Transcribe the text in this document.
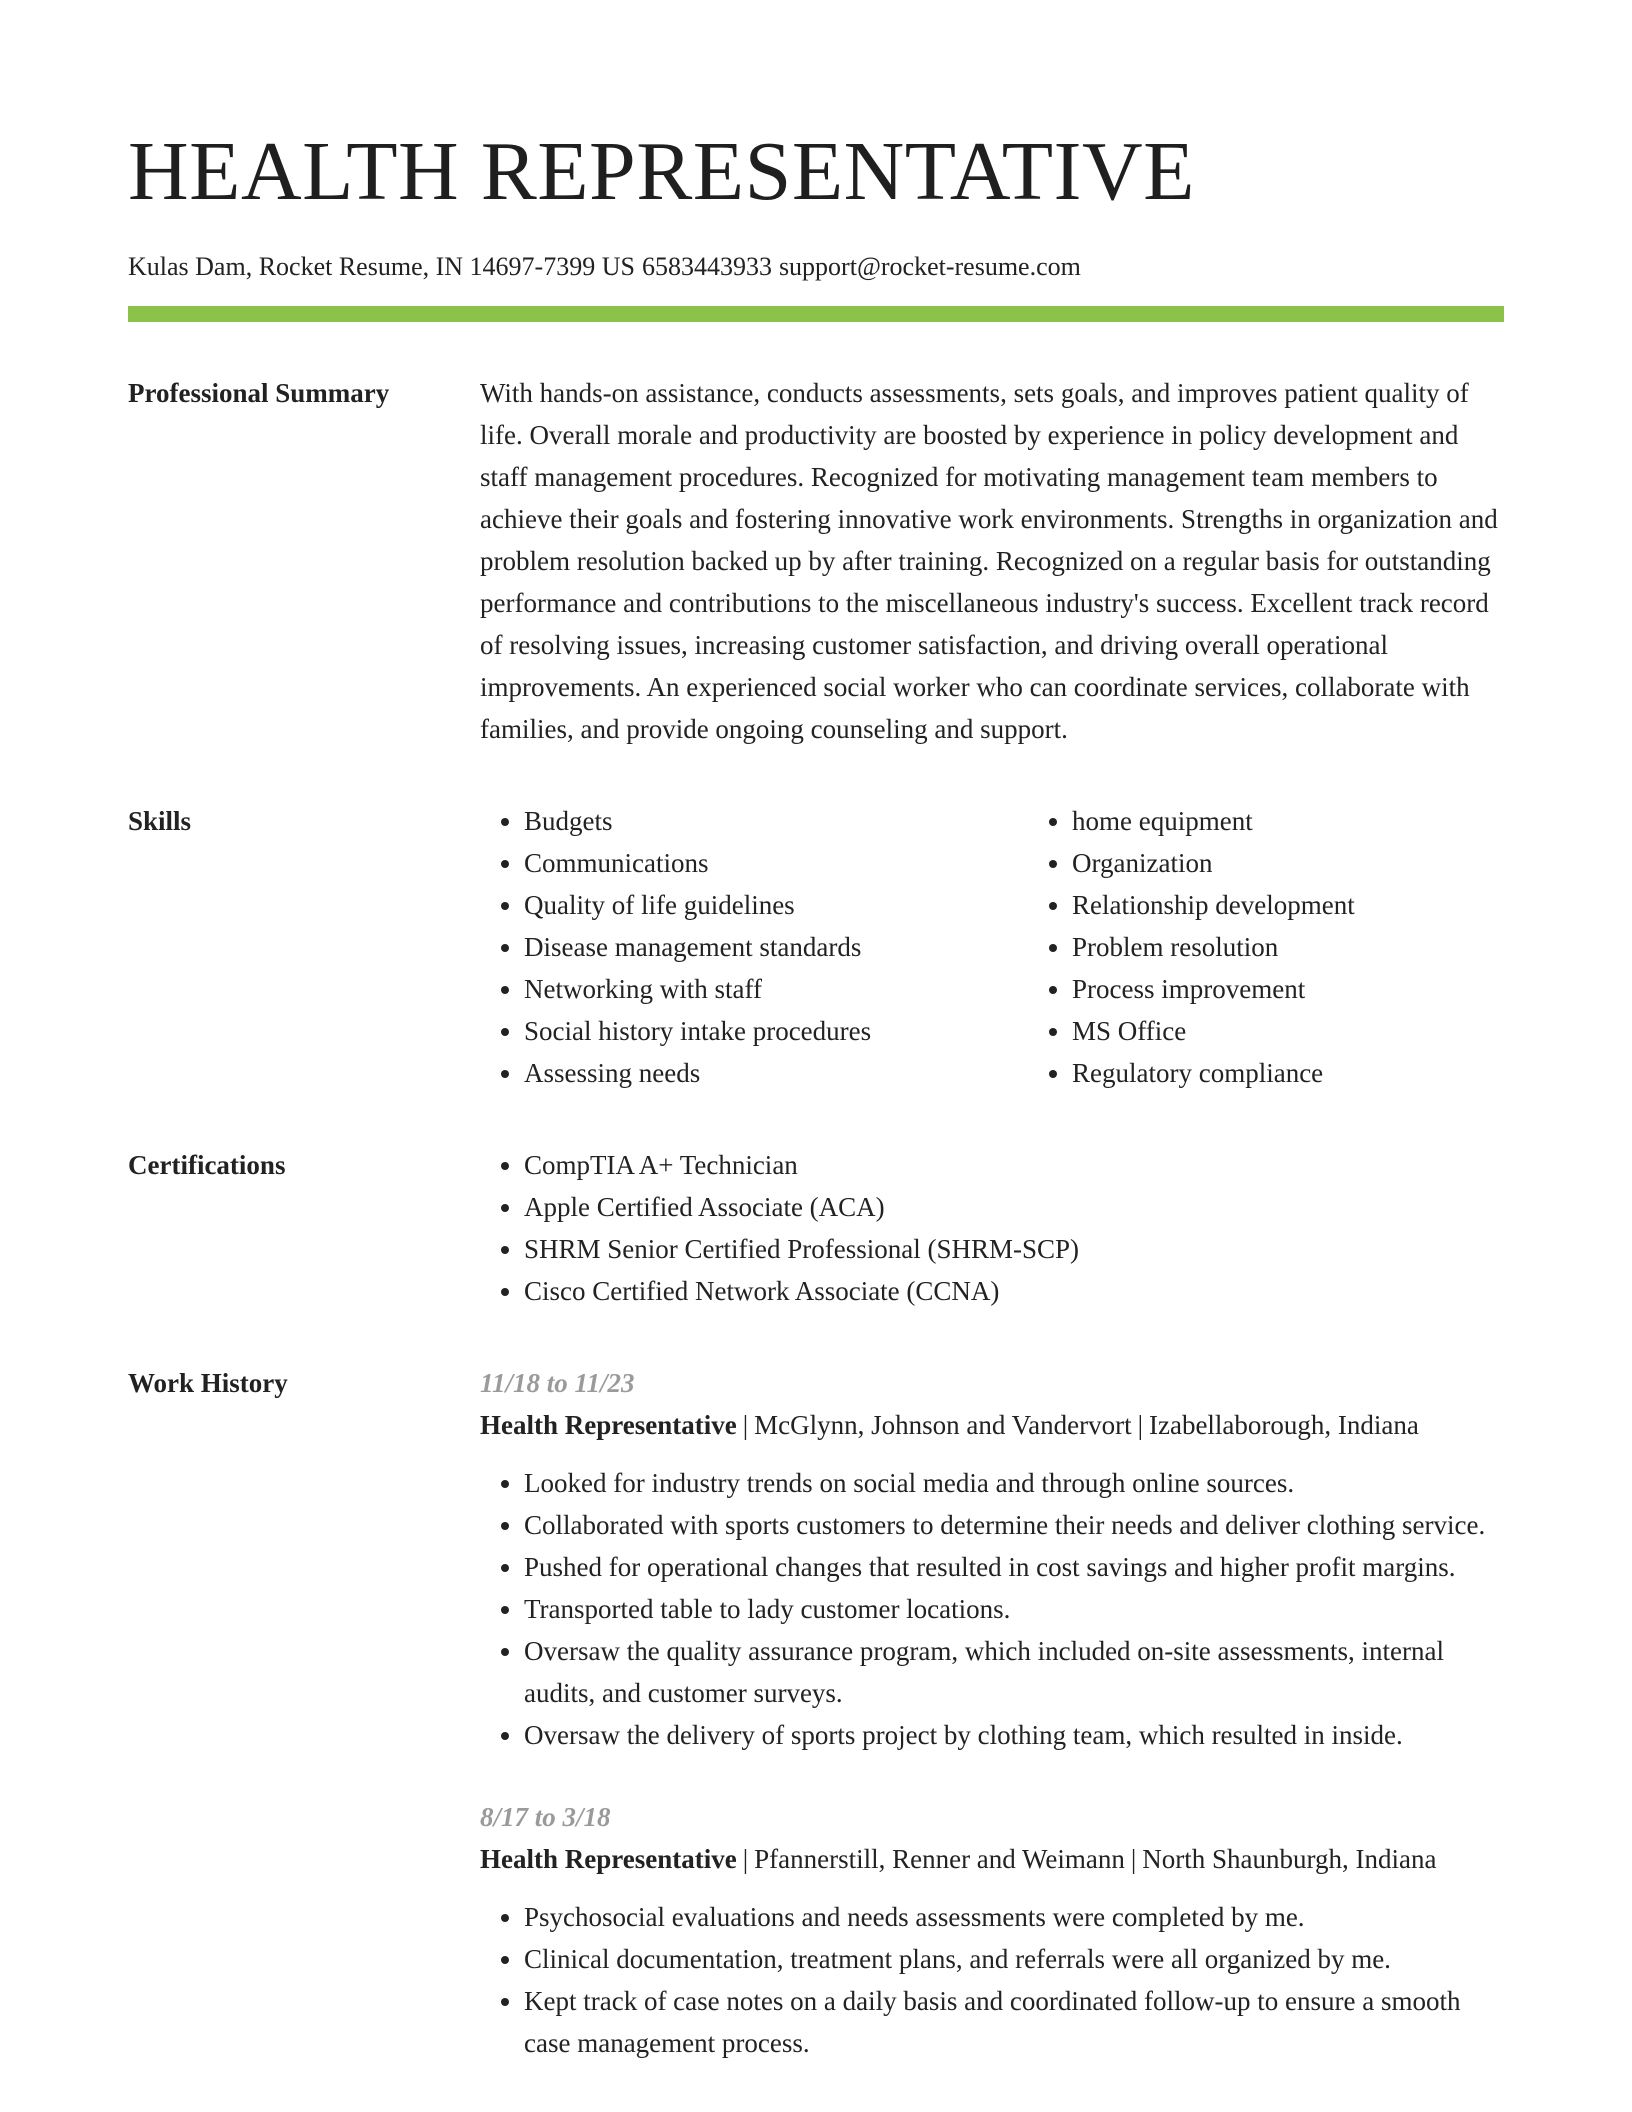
HEALTH REPRESENTATIVE
Kulas Dam, Rocket Resume, IN 14697-7399 US 6583443933 support@rocket-resume.com
Professional Summary	With hands-on assistance, conducts assessments, sets goals, and improves patient quality of life. Overall morale and productivity are boosted by experience in policy development and staff management procedures. Recognized for motivating management team members to achieve their goals and fostering innovative work environments. Strengths in organization and problem resolution backed up by after training. Recognized on a regular basis for outstanding performance and contributions to the miscellaneous industry's success. Excellent track record of resolving issues, increasing customer satisfaction, and driving overall operational improvements. An experienced social worker who can coordinate services, collaborate with families, and provide ongoing counseling and support.

Skills	• Budgets
• Communications
• Quality of life guidelines
• Disease management standards
• Networking with staff
• Social history intake procedures
• Assessing needs
• home equipment
• Organization
• Relationship development
• Problem resolution
• Process improvement
• MS Office
• Regulatory compliance
Certifications	• CompTIA A+ Technician
• Apple Certified Associate (ACA)
• SHRM Senior Certified Professional (SHRM-SCP)
• Cisco Certified Network Associate (CCNA)
Work History	11/18 to 11/23
Health Representative | McGlynn, Johnson and Vandervort | Izabellaborough, Indiana
• Looked for industry trends on social media and through online sources.
• Collaborated with sports customers to determine their needs and deliver clothing service.
• Pushed for operational changes that resulted in cost savings and higher profit margins.
• Transported table to lady customer locations.
• Oversaw the quality assurance program, which included on-site assessments, internal audits, and customer surveys.
• Oversaw the delivery of sports project by clothing team, which resulted in inside.
8/17 to 3/18
Health Representative | Pfannerstill, Renner and Weimann | North Shaunburgh, Indiana
• Psychosocial evaluations and needs assessments were completed by me.
• Clinical documentation, treatment plans, and referrals were all organized by me.
• Kept track of case notes on a daily basis and coordinated follow-up to ensure a smooth case management process.
